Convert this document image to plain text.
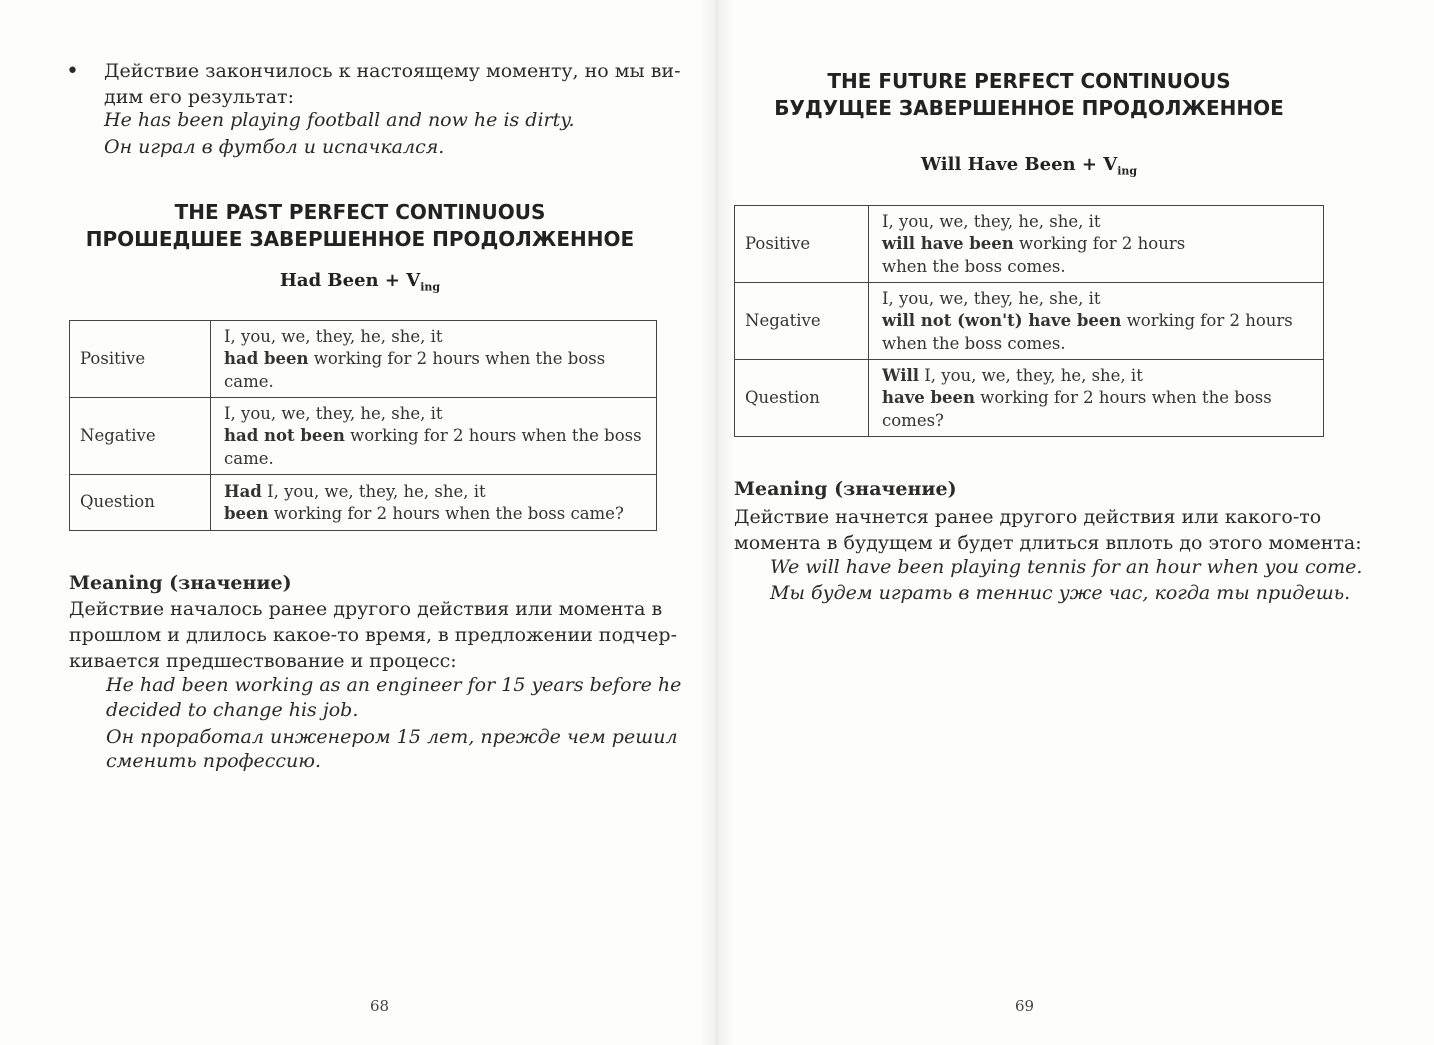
• Действие закончилось к настоящему моменту, но мы ви-
дим его результат:
He has been playing football and now he is dirty.
Он играл в футбол и испачкался.
THE PAST PERFECT CONTINUOUS
ПРОШЕДШЕЕ ЗАВЕРШЕННОЕ ПРОДОЛЖЕННОЕ
Had Been + $V_{ing}$
Positive	I, you, we, they, he, she, it
had been working for 2 hours when the boss
came.

Negative	I, you, we, they, he, she, it
had not been working for 2 hours when the boss
came.

Question	Had I, you, we, they, he, she, it
been working for 2 hours when the boss came?
Meaning (значение)
Действие началось ранее другого действия или момента в
прошлом и длилось какое-то время, в предложении подчер-
кивается предшествование и процесс:
He had been working as an engineer for 15 years before he
decided to change his job.
Он проработал инженером 15 лет, прежде чем решил
сменить профессию.
68
THE FUTURE PERFECT CONTINUOUS
БУДУЩЕЕ ЗАВЕРШЕННОЕ ПРОДОЛЖЕННОЕ
Will Have Been + $V_{ing}$
Positive	I, you, we, they, he, she, it
will have been working for 2 hours
when the boss comes.

Negative	I, you, we, they, he, she, it
will not (won't) have been working for 2 hours
when the boss comes.

Question	Will I, you, we, they, he, she, it
have been working for 2 hours when the boss
comes?
Meaning (значение)
Действие начнется ранее другого действия или какого-то
момента в будущем и будет длиться вплоть до этого момента:
We will have been playing tennis for an hour when you come.
Мы будем играть в теннис уже час, когда ты придешь.
69
